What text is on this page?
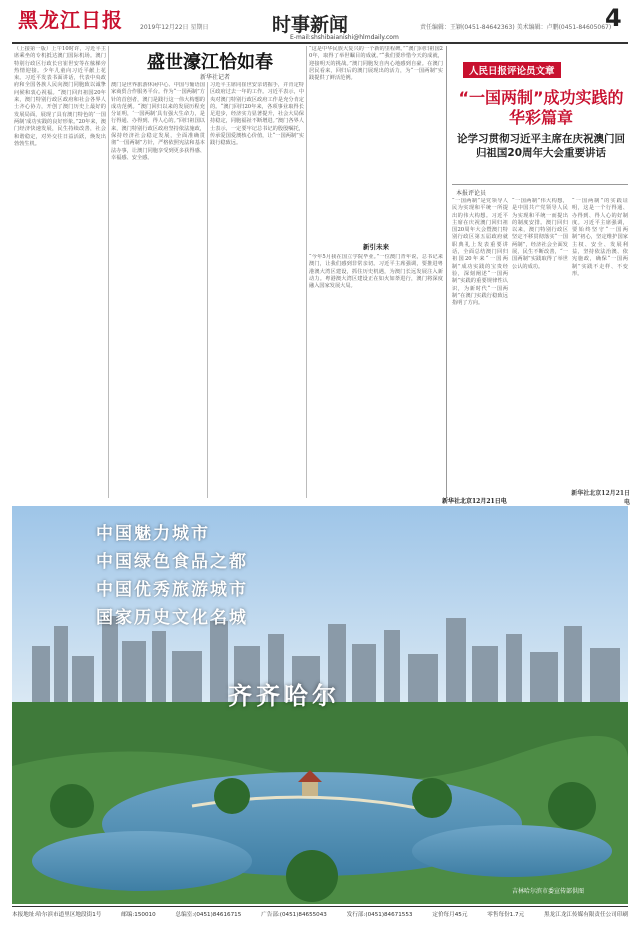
黑龙江日报	2019年12月22日 星期日	时事新闻
E-mail:shshibaianishi@hlmdaily.com
责任编辑：王颖(0451-84642363) 美术编辑：卢鹏(0451-84605067)
4
盛世濠江恰如春
新华社记者
（上接第一版）上午10时许，习近平主席乘坐的专机抵达澳门国际机场。澳门特别行政区行政长官崔世安等在舷梯旁热情迎接。少年儿童向习近平献上花束。习近平发表书面讲话，代表中央政府和全国各族人民向澳门同胞致以诚挚问候和衷心祝福。“澳门回归祖国20年来，澳门特别行政区政府和社会各界人士齐心协力，开创了澳门历史上最好的发展局面，展现了具有澳门特色的‘一国两制’成功实践的良好形象。”20年来，澳门经济快速发展，民生持续改善，社会和谐稳定，对外交往日益活跃，焕发出勃勃生机。
澳门是世界旅游休闲中心、中国与葡语国家商贸合作服务平台。作为“一国两制”方针的首创者，澳门是践行这一伟大构想的成功范例。“澳门回归以来的发展历程充分证明，‘一国两制’具有强大生命力，是行得通、办得到、得人心的。”回归祖国以来，澳门特别行政区政府坚持依法施政，保持经济社会稳定发展，全面准确贯彻“一国两制”方针，严格依照宪法和基本法办事，让澳门同胞享受到更多获得感、幸福感、安全感。
习近平主席同崔世安亲切握手，并肯定特区政府过去一年的工作。习近平表示，中央对澳门特别行政区政府工作是充分肯定的。“澳门回归20年来，各项事业取得长足进步，经济实力显著提升，社会大局保持稳定，同胞福祉不断增进。”澳门各界人士表示，一定要牢记总书记的殷殷嘱托，传承爱国爱澳核心价值，让“一国两制”实践行稳致远。
“这是中华民族大复兴的一个新的里程碑。”“澳门回归祖国20年，取得了举世瞩目的成就。”“我们要珍惜今天的成就，迎接明天的挑战。”澳门同胞发自内心地感到自豪。在澳门居民看来，回归后的澳门展现出的活力，为“一国两制”实践提供了鲜活范例。
新引未来
“今年5月我在国立学院毕业。”一位澳门青年说，总书记来澳门，让我们感到非常亲切。习近平主席强调，要推进粤港澳大湾区建设，抓住历史机遇，为澳门长远发展注入新动力。粤港澳大湾区建设正在如火如荼进行，澳门将深度融入国家发展大局。
人民日报评论员文章
“一国两制”成功实践的华彩篇章
论学习贯彻习近平主席在庆祝澳门回归祖国20周年大会重要讲话
本报评论员
“一国两制”是党领导人民为实现和平统一所提出的伟大构想。习近平主席在庆祝澳门回归祖国20周年大会暨澳门特别行政区第五届政府就职典礼上发表重要讲话，全面总结澳门回归祖国20年来“一国两制”成功实践的宝贵经验，深刻阐述“一国两制”实践的重要规律性认识，为新时代“一国两制”在澳门实践行稳致远指明了方向。
“一国两制”伟大构想，是中国共产党领导人民为实现和平统一而提出的制度安排。澳门回归以来，澳门特别行政区坚定不移贯彻落实“一国两制”，经济社会全面发展，民生不断改善，“一国两制”实践取得了举世公认的成功。
“一国两制”的实践证明，这是一个行得通、办得到、得人心的好制度。习近平主席强调，要始终坚守“一国两制”初心，坚定维护国家主权、安全、发展利益，坚持依法治澳、依宪施政，确保“一国两制”实践不走样、不变形。
新华社北京12月21日电
新华社北京12月21日电
中国魅力城市
中国绿色食品之都
中国优秀旅游城市
国家历史文化名城
齐齐哈尔
吉林哈尔滨市委宣传部供图
本报地址:哈尔滨市道里区地段街1号	邮编:150010	总编室:(0451)84616715	广告部:(0451)84655043	发行部:(0451)84671553	定价每月45元	零售每份1.7元	黑龙江龙江传媒有限责任公司印刷
